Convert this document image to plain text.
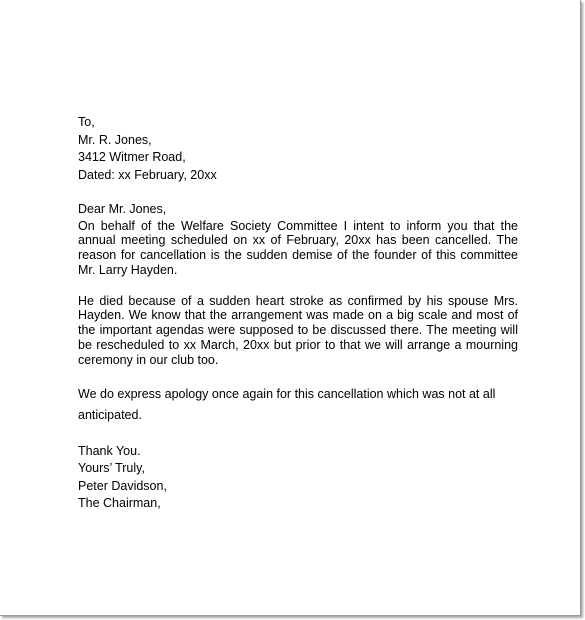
To,
Mr. R. Jones,
3412 Witmer Road,
Dated: xx February, 20xx
Dear Mr. Jones,

On behalf of the Welfare Society Committee I intent to inform you that the annual meeting scheduled on xx of February, 20xx has been cancelled. The reason for cancellation is the sudden demise of the founder of this committee Mr. Larry Hayden.

He died because of a sudden heart stroke as confirmed by his spouse Mrs. Hayden. We know that the arrangement was made on a big scale and most of the important agendas were supposed to be discussed there. The meeting will be rescheduled to xx March, 20xx but prior to that we will arrange a mourning ceremony in our club too.

We do express apology once again for this cancellation which was not at all anticipated.

Thank You.
Yours’ Truly,
Peter Davidson,
The Chairman,
